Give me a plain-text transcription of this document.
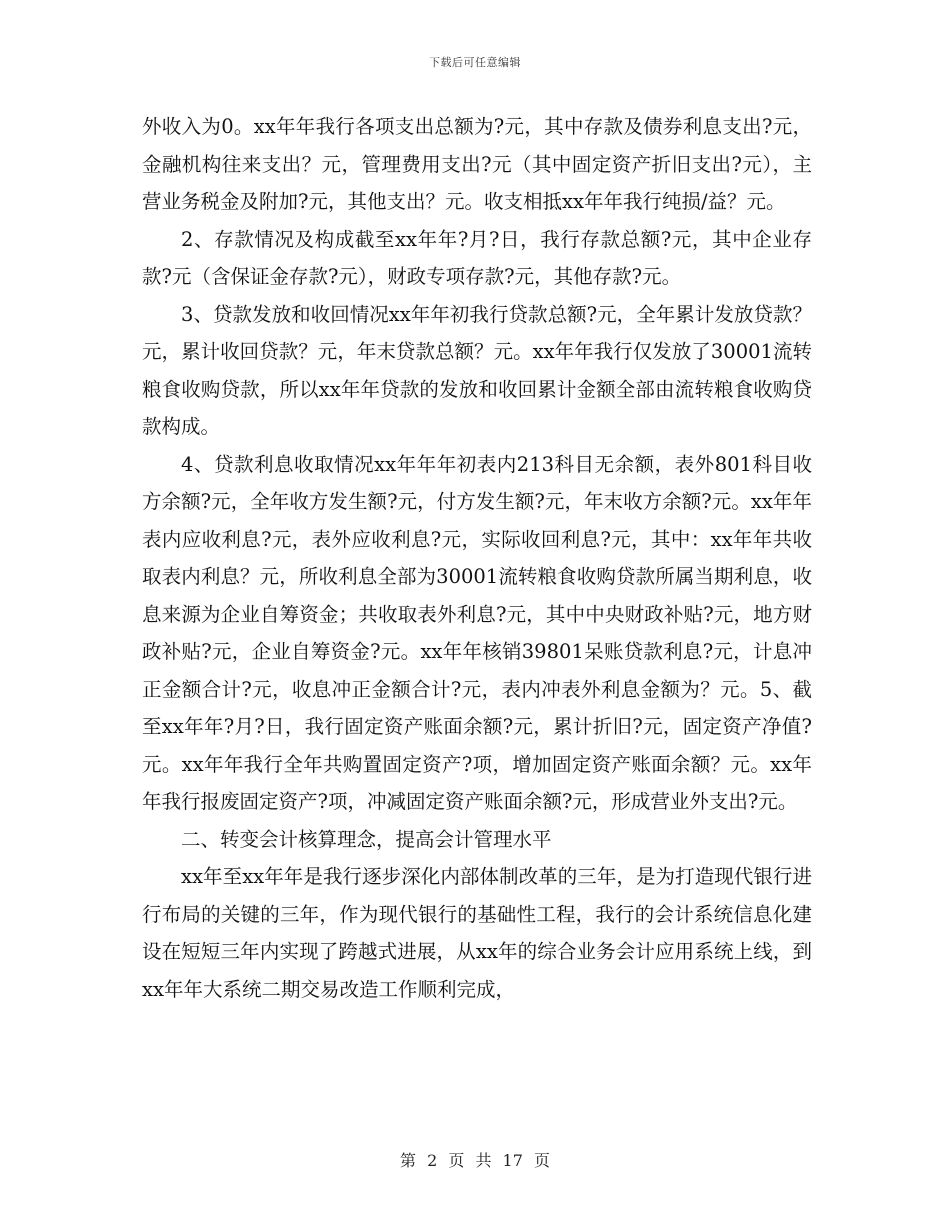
下载后可任意编辑

外收入为0。xx年年我行各项支出总额为?元，其中存款及债券利息支出?元，金融机构往来支出？元，管理费用支出?元（其中固定资产折旧支出?元），主营业务税金及附加?元，其他支出？元。收支相抵xx年年我行纯损/益？元。

2、存款情况及构成截至xx年年?月?日，我行存款总额?元，其中企业存款?元（含保证金存款?元），财政专项存款?元，其他存款?元。

3、贷款发放和收回情况xx年年初我行贷款总额?元，全年累计发放贷款？元，累计收回贷款？元，年末贷款总额？元。xx年年我行仅发放了30001流转粮食收购贷款，所以xx年年贷款的发放和收回累计金额全部由流转粮食收购贷款构成。

4、贷款利息收取情况xx年年年初表内213科目无余额，表外801科目收方余额?元，全年收方发生额?元，付方发生额?元，年末收方余额?元。xx年年表内应收利息?元，表外应收利息?元，实际收回利息?元，其中：xx年年共收取表内利息？元，所收利息全部为30001流转粮食收购贷款所属当期利息，收息来源为企业自筹资金；共收取表外利息?元，其中中央财政补贴?元，地方财政补贴?元，企业自筹资金?元。xx年年核销39801呆账贷款利息?元，计息冲正金额合计?元，收息冲正金额合计?元，表内冲表外利息金额为？元。5、截至xx年年?月?日，我行固定资产账面余额?元，累计折旧?元，固定资产净值?元。xx年年我行全年共购置固定资产?项，增加固定资产账面余额？元。xx年年我行报废固定资产?项，冲减固定资产账面余额?元，形成营业外支出?元。

二、转变会计核算理念，提高会计管理水平

xx年至xx年年是我行逐步深化内部体制改革的三年，是为打造现代银行进行布局的关键的三年，作为现代银行的基础性工程，我行的会计系统信息化建设在短短三年内实现了跨越式进展，从xx年的综合业务会计应用系统上线，到xx年年大系统二期交易改造工作顺利完成，

第 2 页 共 17 页
